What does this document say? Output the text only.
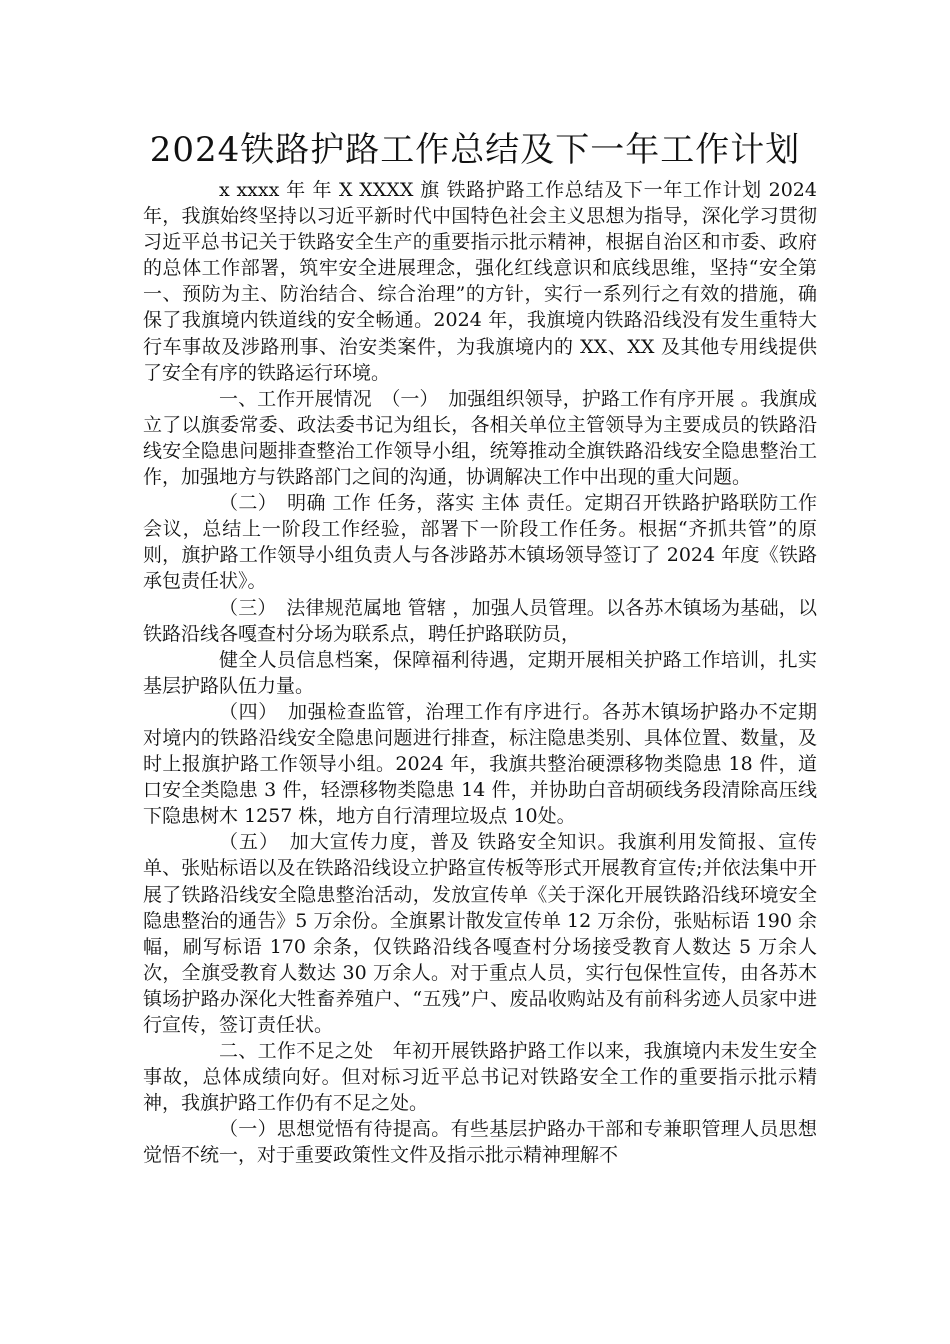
2024铁路护路工作总结及下一年工作计划

x xxxx 年 年 X XXXX 旗 铁路护路工作总结及下一年工作计划 2024 年，我旗始终坚持以习近平新时代中国特色社会主义思想为指导，深化学习贯彻习近平总书记关于铁路安全生产的重要指示批示精神，根据自治区和市委、政府的总体工作部署，筑牢安全进展理念，强化红线意识和底线思维，坚持“安全第一、预防为主、防治结合、综合治理”的方针，实行一系列行之有效的措施，确保了我旗境内铁道线的安全畅通。2024 年，我旗境内铁路沿线没有发生重特大行车事故及涉路刑事、治安类案件，为我旗境内的 XX、XX 及其他专用线提供了安全有序的铁路运行环境。

一、工作开展情况　（一）　加强组织领导，护路工作有序开展 。我旗成立了以旗委常委、政法委书记为组长，各相关单位主管领导为主要成员的铁路沿线安全隐患问题排查整治工作领导小组，统筹推动全旗铁路沿线安全隐患整治工作，加强地方与铁路部门之间的沟通，协调解决工作中出现的重大问题。

（二）　明确 工作 任务，落实 主体 责任。定期召开铁路护路联防工作会议，总结上一阶段工作经验，部署下一阶段工作任务。根据“齐抓共管”的原则，旗护路工作领导小组负责人与各涉路苏木镇场领导签订了 2024 年度《铁路承包责任状》。

（三）　法律规范属地 管辖 ，加强人员管理。以各苏木镇场为基础，以铁路沿线各嘎查村分场为联系点，聘任护路联防员，

健全人员信息档案，保障福利待遇，定期开展相关护路工作培训，扎实基层护路队伍力量。

（四）　加强检查监管，治理工作有序进行。各苏木镇场护路办不定期对境内的铁路沿线安全隐患问题进行排查，标注隐患类别、具体位置、数量，及时上报旗护路工作领导小组。2024 年，我旗共整治硬漂移物类隐患 18 件，道口安全类隐患 3 件，轻漂移物类隐患 14 件，并协助白音胡硕线务段清除高压线下隐患树木 1257 株，地方自行清理垃圾点 10处。

（五）　加大宣传力度，普及 铁路安全知识。我旗利用发简报、宣传单、张贴标语以及在铁路沿线设立护路宣传板等形式开展教育宣传;并依法集中开展了铁路沿线安全隐患整治活动，发放宣传单《关于深化开展铁路沿线环境安全隐患整治的通告》5 万余份。全旗累计散发宣传单 12 万余份，张贴标语 190 余幅，刷写标语 170 余条，仅铁路沿线各嘎查村分场接受教育人数达 5 万余人次，全旗受教育人数达 30 万余人。对于重点人员，实行包保性宣传，由各苏木镇场护路办深化大牲畜养殖户、“五残”户、废品收购站及有前科劣迹人员家中进行宣传，签订责任状。

二、工作不足之处　年初开展铁路护路工作以来，我旗境内未发生安全事故，总体成绩向好。但对标习近平总书记对铁路安全工作的重要指示批示精神，我旗护路工作仍有不足之处。

（一）思想觉悟有待提高。有些基层护路办干部和专兼职管理人员思想觉悟不统一，对于重要政策性文件及指示批示精神理解不
